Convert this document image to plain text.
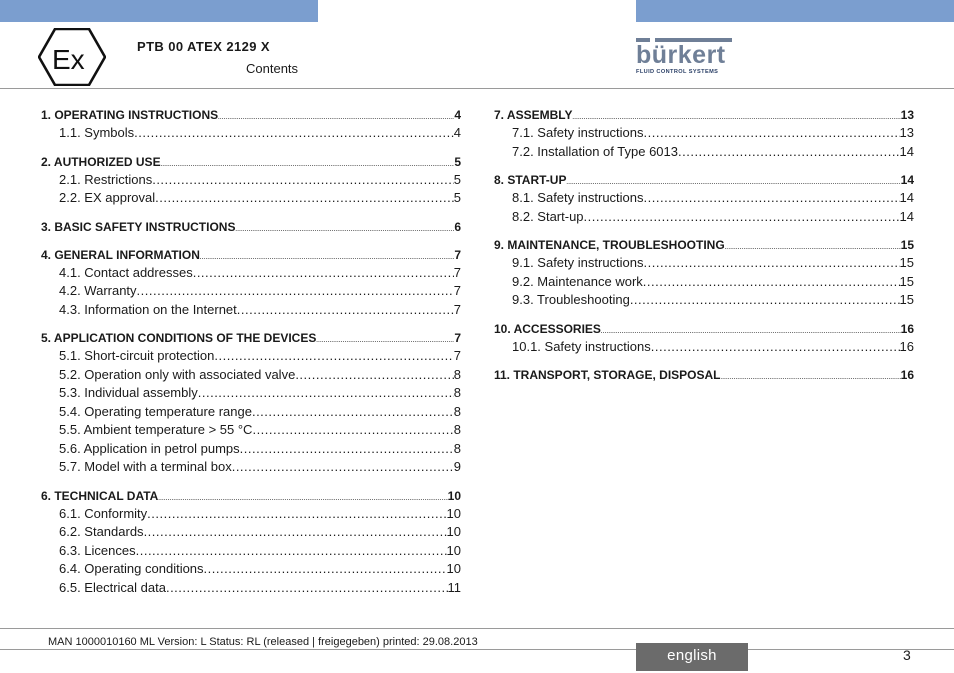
Ex	PTB 00 ATEX 2129 X
Contents	bürkert
FLUID CONTROL SYSTEMS
1. OPERATING INSTRUCTIONS .....	4
1.1. Symbols .....	4
2. AUTHORIZED USE .....	5
2.1. Restrictions .....	5
2.2. EX approval .....	5
3. BASIC SAFETY INSTRUCTIONS .....	6
4. GENERAL INFORMATION .....	7
4.1. Contact addresses .....	7
4.2. Warranty .....	7
4.3. Information on the Internet .....	7
5. APPLICATION CONDITIONS OF THE DEVICES .....	7
5.1. Short-circuit protection .....	7
5.2. Operation only with associated valve .....	8
5.3. Individual assembly .....	8
5.4. Operating temperature range .....	8
5.5. Ambient temperature > 55 °C .....	8
5.6. Application in petrol pumps .....	8
5.7. Model with a terminal box .....	9
6. TECHNICAL DATA .....	10
6.1. Conformity .....	10
6.2. Standards .....	10
6.3. Licences .....	10
6.4. Operating conditions .....	10
6.5. Electrical data .....	11
7. ASSEMBLY .....	13
7.1. Safety instructions .....	13
7.2. Installation of Type 6013 .....	14
8. START-UP .....	14
8.1. Safety instructions .....	14
8.2. Start-up .....	14
9. MAINTENANCE, TROUBLESHOOTING .....	15
9.1. Safety instructions .....	15
9.2. Maintenance work .....	15
9.3. Troubleshooting .....	15
10. ACCESSORIES .....	16
10.1. Safety instructions .....	16
11. TRANSPORT, STORAGE, DISPOSAL .....	16
MAN 1000010160 ML Version: L Status: RL (released | freigegeben) printed: 29.08.2013
english	3
